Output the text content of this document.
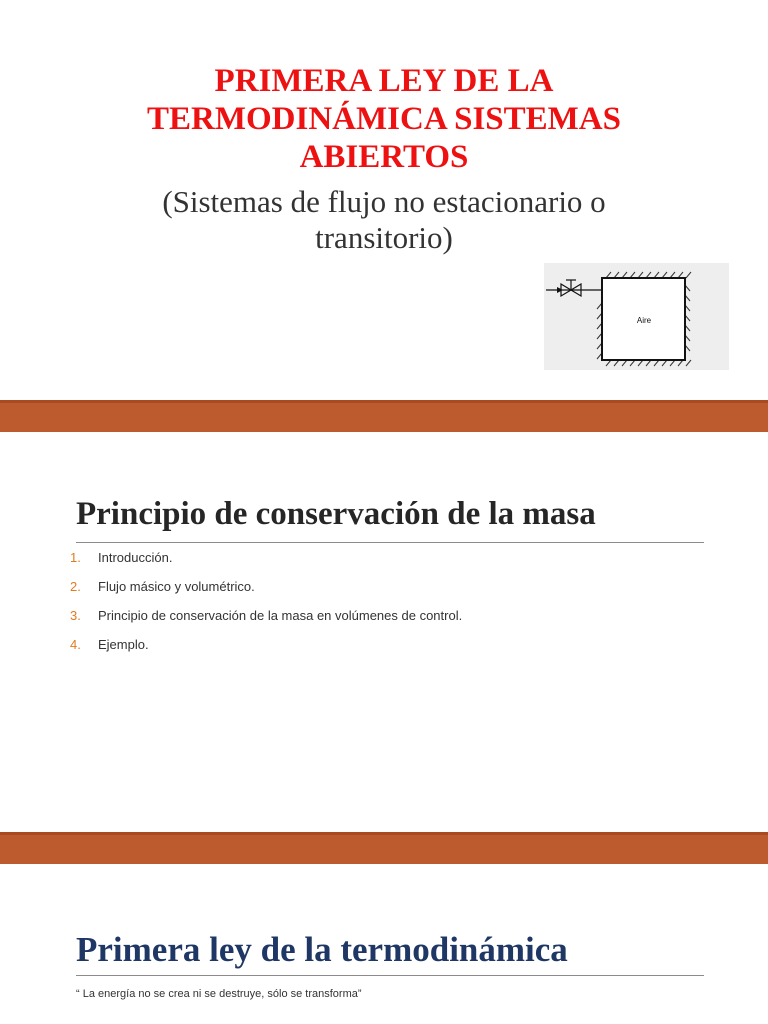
PRIMERA LEY DE LA
TERMODINÁMICA SISTEMAS
ABIERTOS

(Sistemas de flujo no estacionario o
transitorio)

Aire
Principio de conservación de la masa
1. Introducción.
2. Flujo másico y volumétrico.
3. Principio de conservación de la masa en volúmenes de control.
4. Ejemplo.
Primera ley de la termodinámica

“ La energía no se crea ni se destruye, sólo se transforma”
